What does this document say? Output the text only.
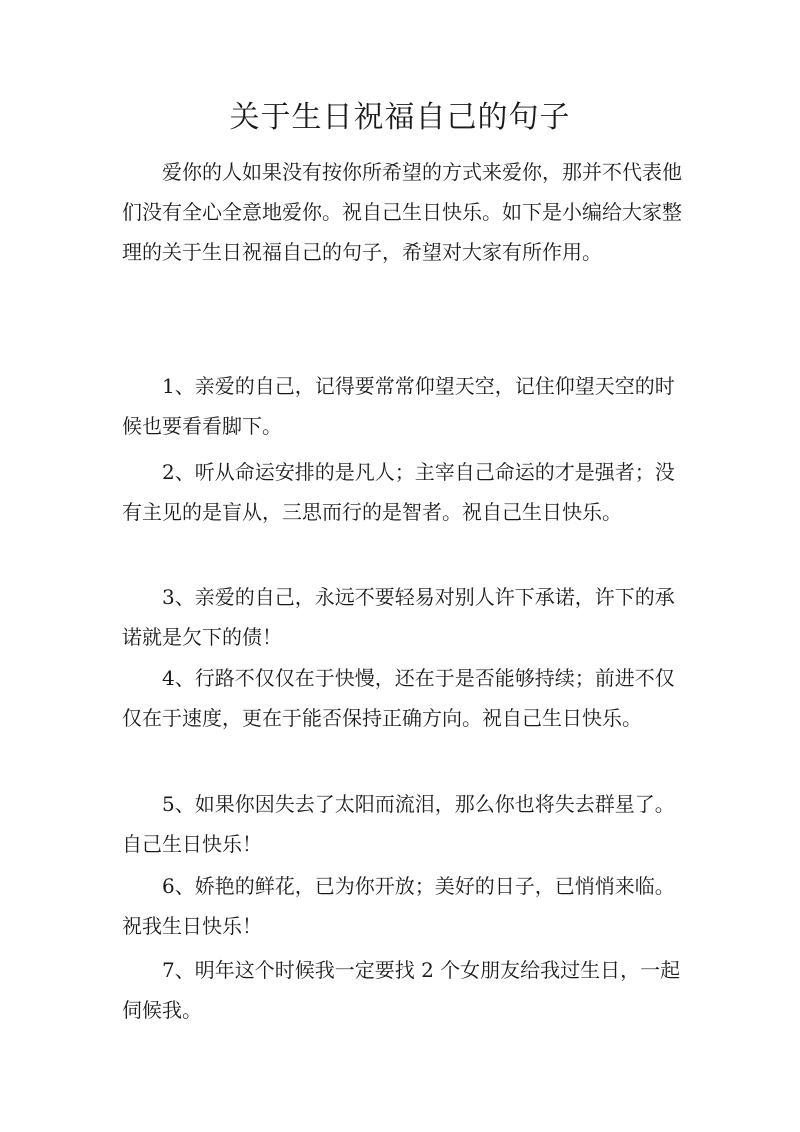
关于生日祝福自己的句子

爱你的人如果没有按你所希望的方式来爱你，那并不代表他们没有全心全意地爱你。祝自己生日快乐。如下是小编给大家整理的关于生日祝福自己的句子，希望对大家有所作用。

1、亲爱的自己，记得要常常仰望天空，记住仰望天空的时候也要看看脚下。

2、听从命运安排的是凡人；主宰自己命运的才是强者；没有主见的是盲从，三思而行的是智者。祝自己生日快乐。

3、亲爱的自己，永远不要轻易对别人许下承诺，许下的承诺就是欠下的债！

4、行路不仅仅在于快慢，还在于是否能够持续；前进不仅仅在于速度，更在于能否保持正确方向。祝自己生日快乐。

5、如果你因失去了太阳而流泪，那么你也将失去群星了。自己生日快乐！

6、娇艳的鲜花，已为你开放；美好的日子，已悄悄来临。祝我生日快乐！

7、明年这个时候我一定要找 2 个女朋友给我过生日，一起伺候我。
